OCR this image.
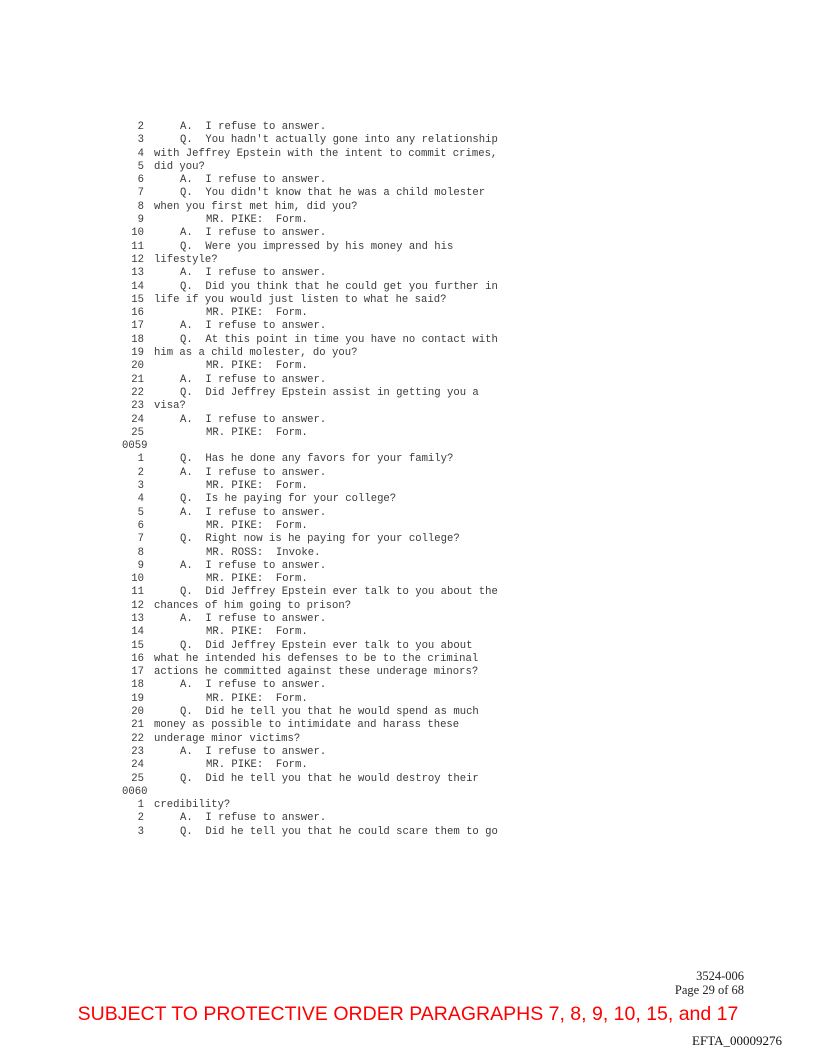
2	A.  I refuse to answer.
3	Q.  You hadn't actually gone into any relationship
4 with Jeffrey Epstein with the intent to commit crimes,
5 did you?
6	A.  I refuse to answer.
7	Q.  You didn't know that he was a child molester
8 when you first met him, did you?
9	MR. PIKE:  Form.
10	A.  I refuse to answer.
11	Q.  Were you impressed by his money and his
12 lifestyle?
13	A.  I refuse to answer.
14	Q.  Did you think that he could get you further in
15 life if you would just listen to what he said?
16	MR. PIKE:  Form.
17	A.  I refuse to answer.
18	Q.  At this point in time you have no contact with
19 him as a child molester, do you?
20	MR. PIKE:  Form.
21	A.  I refuse to answer.
22	Q.  Did Jeffrey Epstein assist in getting you a
23 visa?
24	A.  I refuse to answer.
25	MR. PIKE:  Form.
0059
1	Q.  Has he done any favors for your family?
2	A.  I refuse to answer.
3	MR. PIKE:  Form.
4	Q.  Is he paying for your college?
5	A.  I refuse to answer.
6	MR. PIKE:  Form.
7	Q.  Right now is he paying for your college?
8	MR. ROSS:  Invoke.
9	A.  I refuse to answer.
10	MR. PIKE:  Form.
11	Q.  Did Jeffrey Epstein ever talk to you about the
12 chances of him going to prison?
13	A.  I refuse to answer.
14	MR. PIKE:  Form.
15	Q.  Did Jeffrey Epstein ever talk to you about
16 what he intended his defenses to be to the criminal
17 actions he committed against these underage minors?
18	A.  I refuse to answer.
19	MR. PIKE:  Form.
20	Q.  Did he tell you that he would spend as much
21 money as possible to intimidate and harass these
22 underage minor victims?
23	A.  I refuse to answer.
24	MR. PIKE:  Form.
25	Q.  Did he tell you that he would destroy their
0060
1 credibility?
2	A.  I refuse to answer.
3	Q.  Did he tell you that he could scare them to go
3524-006
Page 29 of 68
SUBJECT TO PROTECTIVE ORDER PARAGRAPHS 7, 8, 9, 10, 15, and 17
EFTA_00009276
